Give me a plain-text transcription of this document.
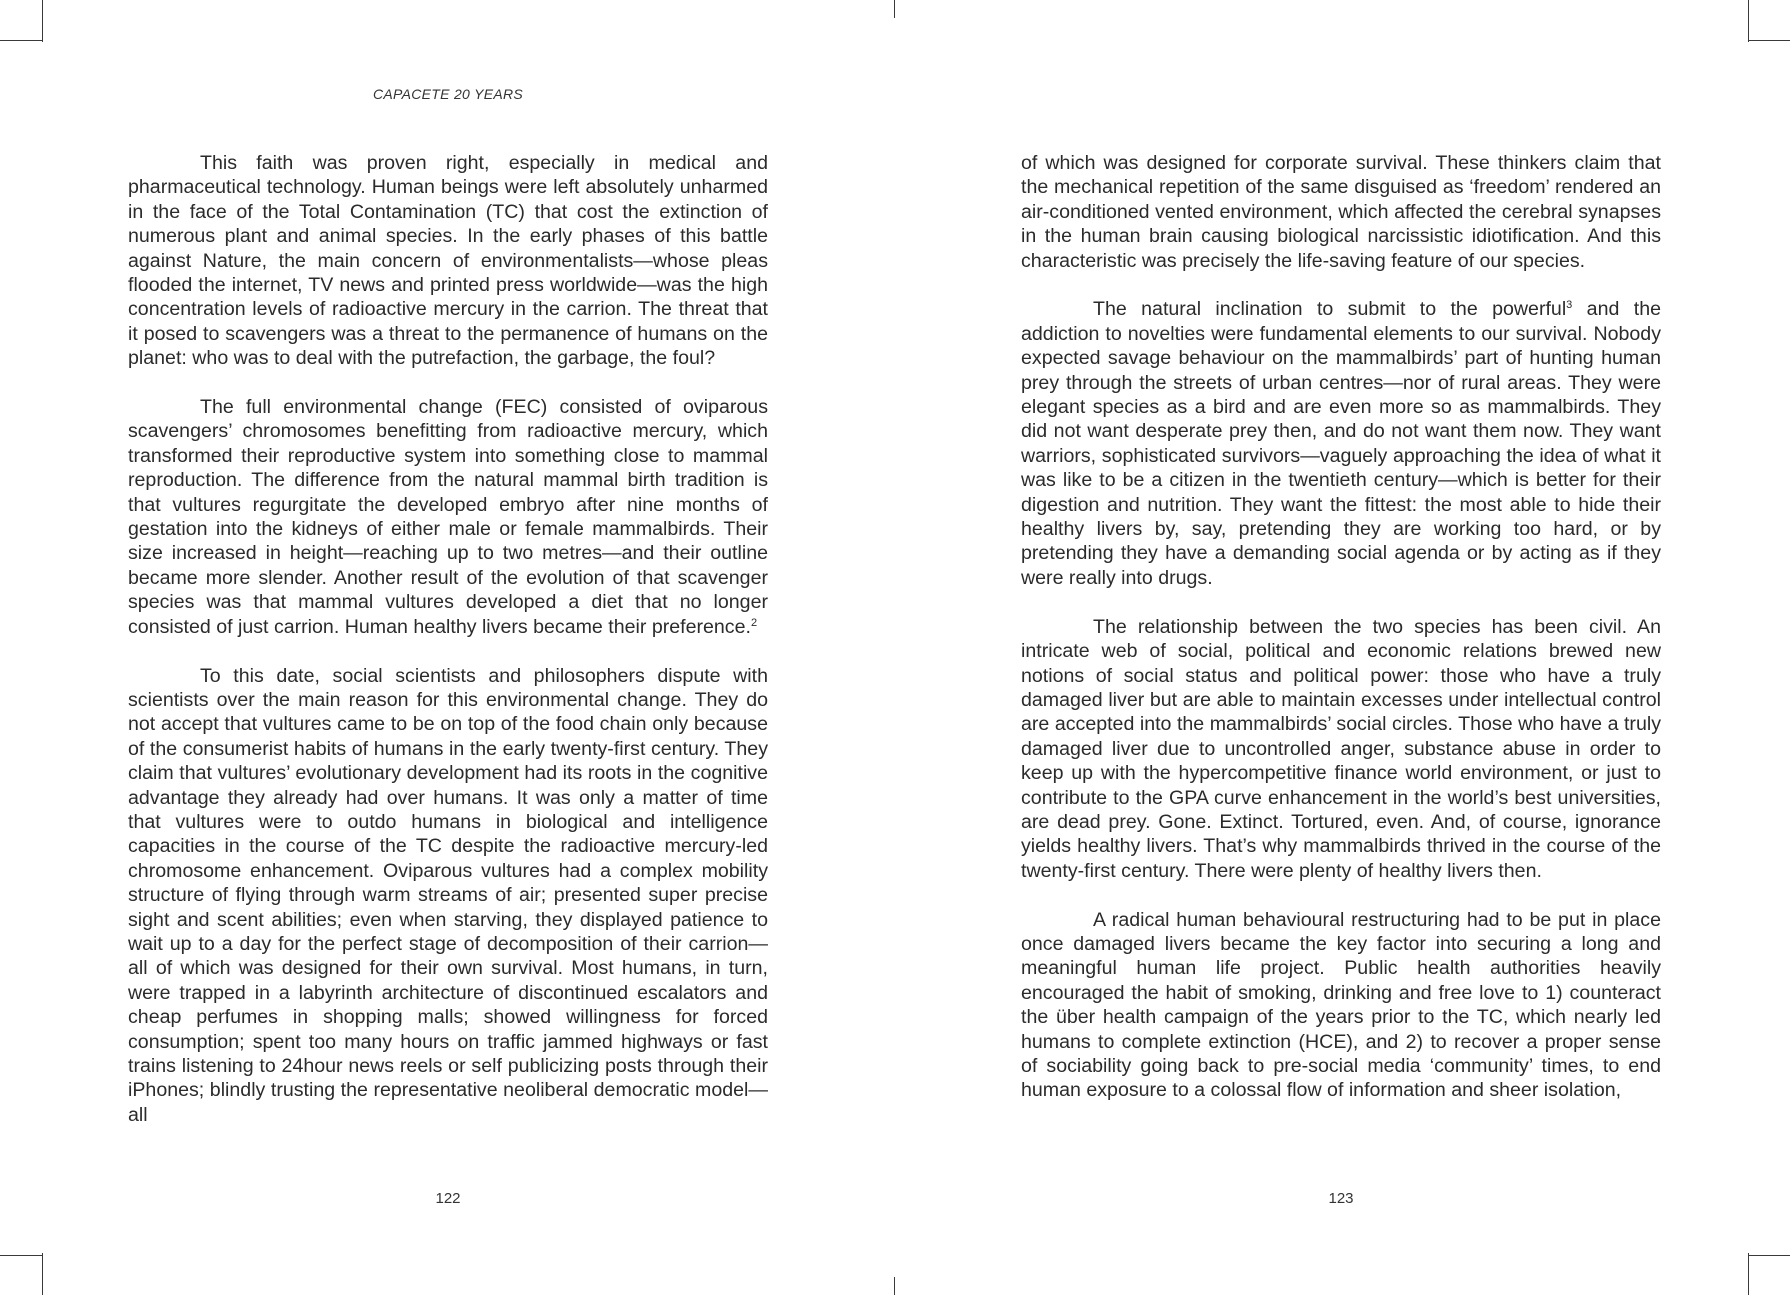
CAPACETE 20 YEARS

This faith was proven right, especially in medical and pharmaceutical technology. Human beings were left absolutely unharmed in the face of the Total Contamination (TC) that cost the extinction of numerous plant and animal species. In the early phases of this battle against Nature, the main concern of environmentalists—whose pleas flooded the internet, TV news and printed press worldwide—was the high concentration levels of radioactive mercury in the carrion. The threat that it posed to scavengers was a threat to the permanence of humans on the planet: who was to deal with the putrefaction, the garbage, the foul?

The full environmental change (FEC) consisted of oviparous scavengers’ chromosomes benefitting from radioactive mercury, which transformed their reproductive system into something close to mammal reproduction. The difference from the natural mammal birth tradition is that vultures regurgitate the developed embryo after nine months of gestation into the kidneys of either male or female mammalbirds. Their size increased in height—reaching up to two metres—and their outline became more slender. Another result of the evolution of that scavenger species was that mammal vultures developed a diet that no longer consisted of just carrion. Human healthy livers became their preference.$^2$

To this date, social scientists and philosophers dispute with scientists over the main reason for this environmental change. They do not accept that vultures came to be on top of the food chain only because of the consumerist habits of humans in the early twenty-first century. They claim that vultures’ evolutionary development had its roots in the cognitive advantage they already had over humans. It was only a matter of time that vultures were to outdo humans in biological and intelligence capacities in the course of the TC despite the radioactive mercury-led chromosome enhancement. Oviparous vultures had a complex mobility structure of flying through warm streams of air; presented super precise sight and scent abilities; even when starving, they displayed patience to wait up to a day for the perfect stage of decomposition of their carrion—all of which was designed for their own survival. Most humans, in turn, were trapped in a labyrinth architecture of discontinued escalators and cheap perfumes in shopping malls; showed willingness for forced consumption; spent too many hours on traffic jammed highways or fast trains listening to 24hour news reels or self publicizing posts through their iPhones; blindly trusting the representative neoliberal democratic model—all

122

of which was designed for corporate survival. These thinkers claim that the mechanical repetition of the same disguised as ‘freedom’ rendered an air-conditioned vented environment, which affected the cerebral synapses in the human brain causing biological narcissistic idiotification. And this characteristic was precisely the life-saving feature of our species.

The natural inclination to submit to the powerful$^3$ and the addiction to novelties were fundamental elements to our survival. Nobody expected savage behaviour on the mammalbirds’ part of hunting human prey through the streets of urban centres—nor of rural areas. They were elegant species as a bird and are even more so as mammalbirds. They did not want desperate prey then, and do not want them now. They want warriors, sophisticated survivors—vaguely approaching the idea of what it was like to be a citizen in the twentieth century—which is better for their digestion and nutrition. They want the fittest: the most able to hide their healthy livers by, say, pretending they are working too hard, or by pretending they have a demanding social agenda or by acting as if they were really into drugs.

The relationship between the two species has been civil. An intricate web of social, political and economic relations brewed new notions of social status and political power: those who have a truly damaged liver but are able to maintain excesses under intellectual control are accepted into the mammalbirds’ social circles. Those who have a truly damaged liver due to uncontrolled anger, substance abuse in order to keep up with the hypercompetitive finance world environment, or just to contribute to the GPA curve enhancement in the world’s best universities, are dead prey. Gone. Extinct. Tortured, even. And, of course, ignorance yields healthy livers. That’s why mammalbirds thrived in the course of the twenty-first century. There were plenty of healthy livers then.

A radical human behavioural restructuring had to be put in place once damaged livers became the key factor into securing a long and meaningful human life project. Public health authorities heavily encouraged the habit of smoking, drinking and free love to 1) counteract the über health campaign of the years prior to the TC, which nearly led humans to complete extinction (HCE), and 2) to recover a proper sense of sociability going back to pre-social media ‘community’ times, to end human exposure to a colossal flow of information and sheer isolation,

123
